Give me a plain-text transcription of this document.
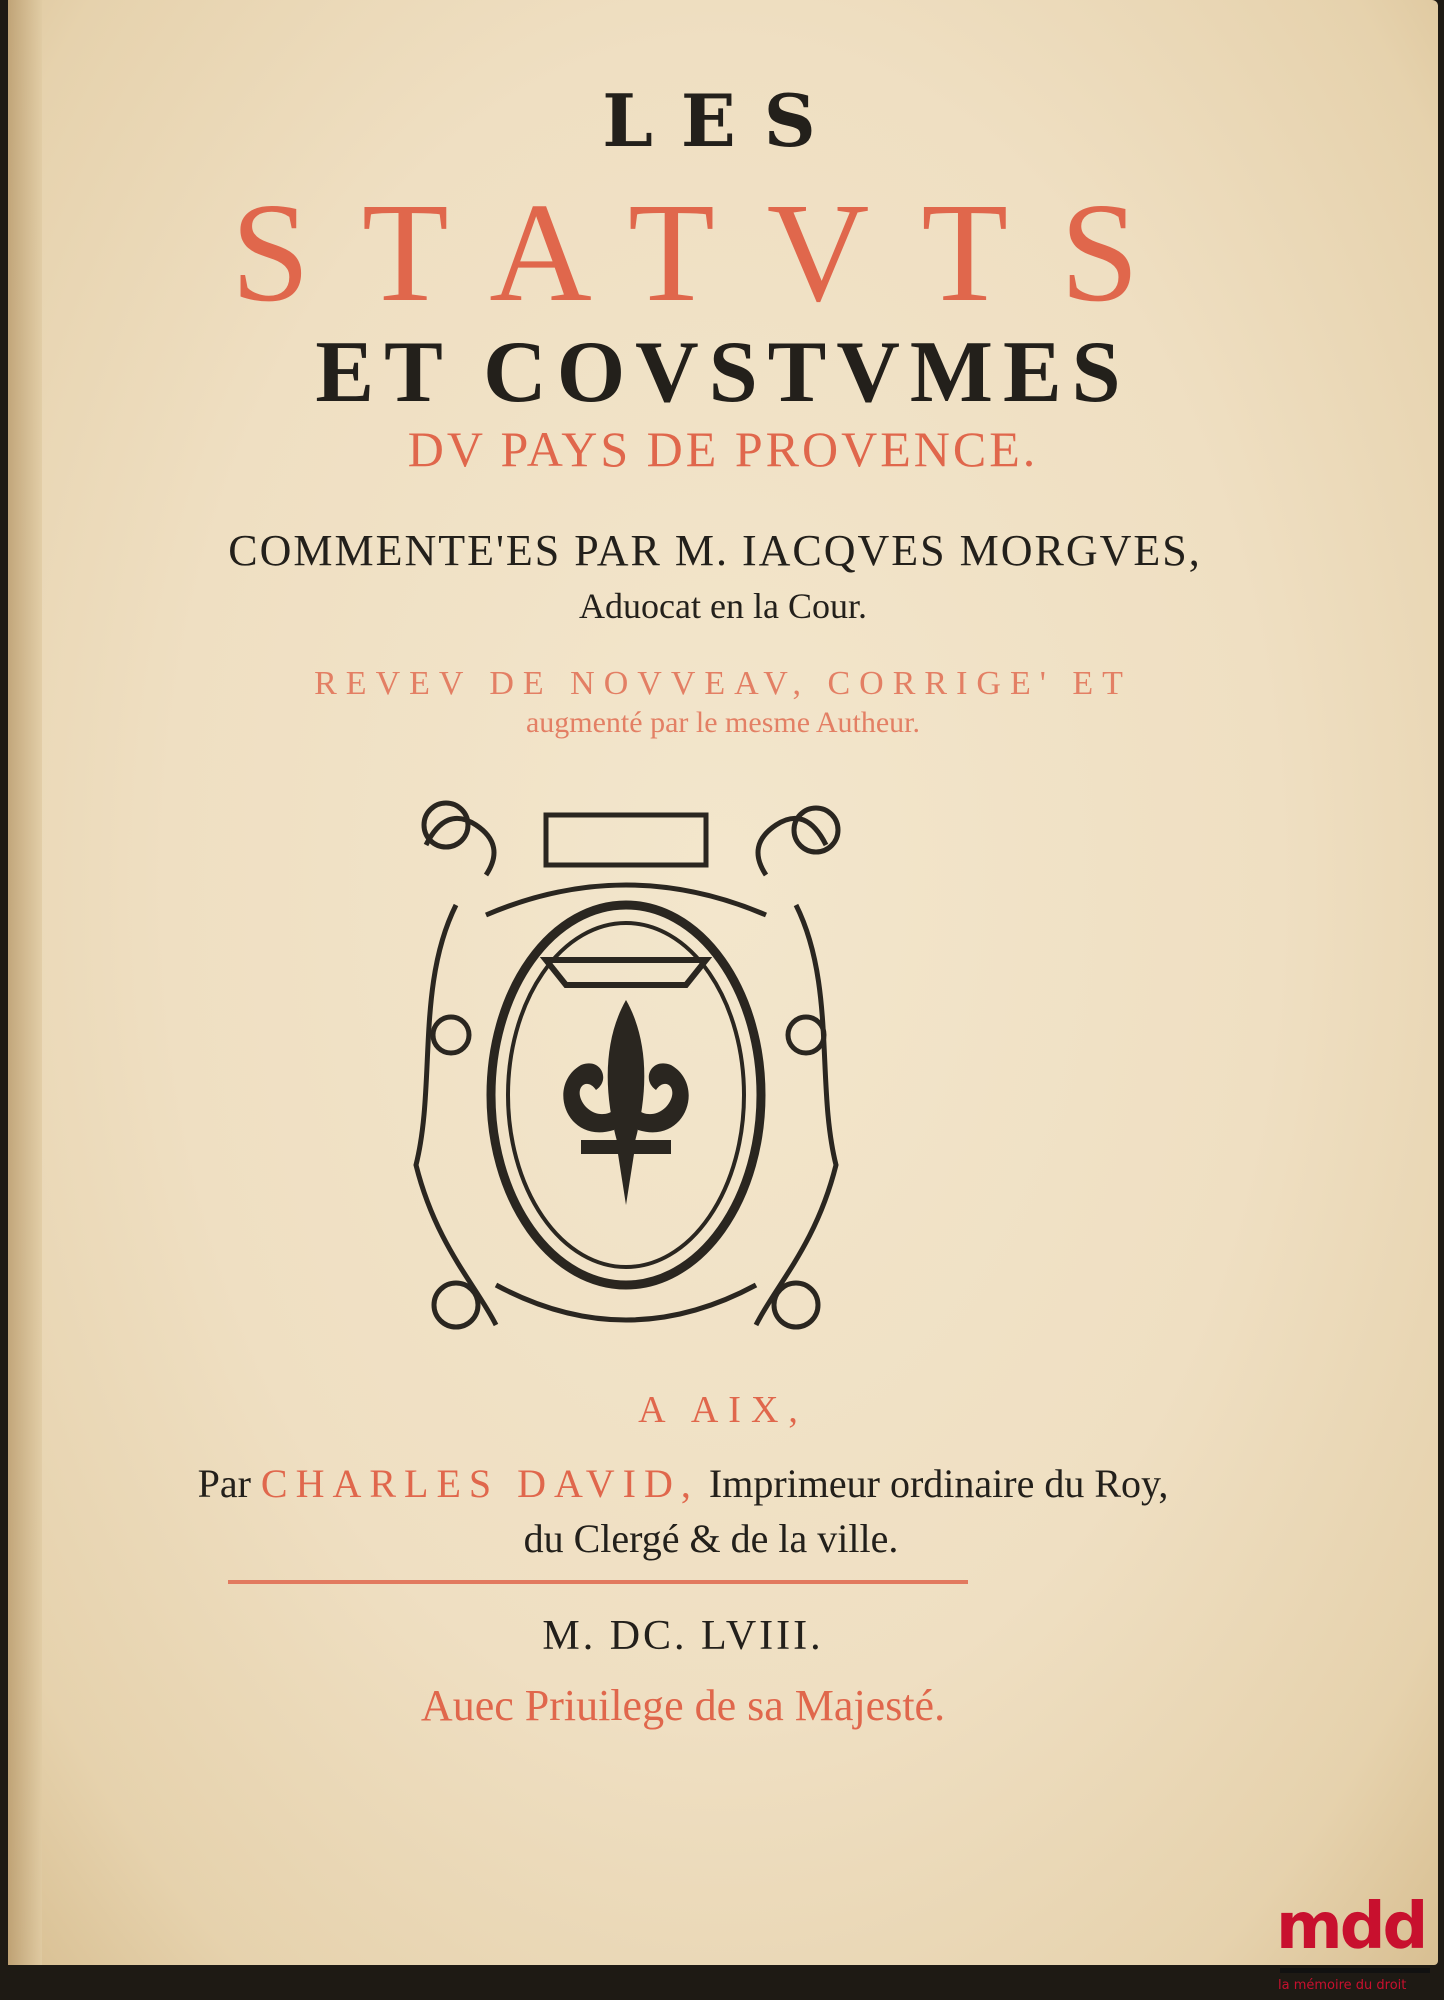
LES
STATVTS
ET COVSTVMES
DV PAYS DE PROVENCE.
COMMENTE'ES PAR M. IACQVES MORGVES,
Aduocat en la Cour.
REVEV DE NOVVEAV, CORRIGE' ET
augmenté par le mesme Autheur.
A AIX,
Par CHARLES DAVID, Imprimeur ordinaire du Roy,
du Clergé & de la ville.
M. DC. LVIII.
Auec Priuilege de sa Majesté.
mdd
la mémoire du droit
